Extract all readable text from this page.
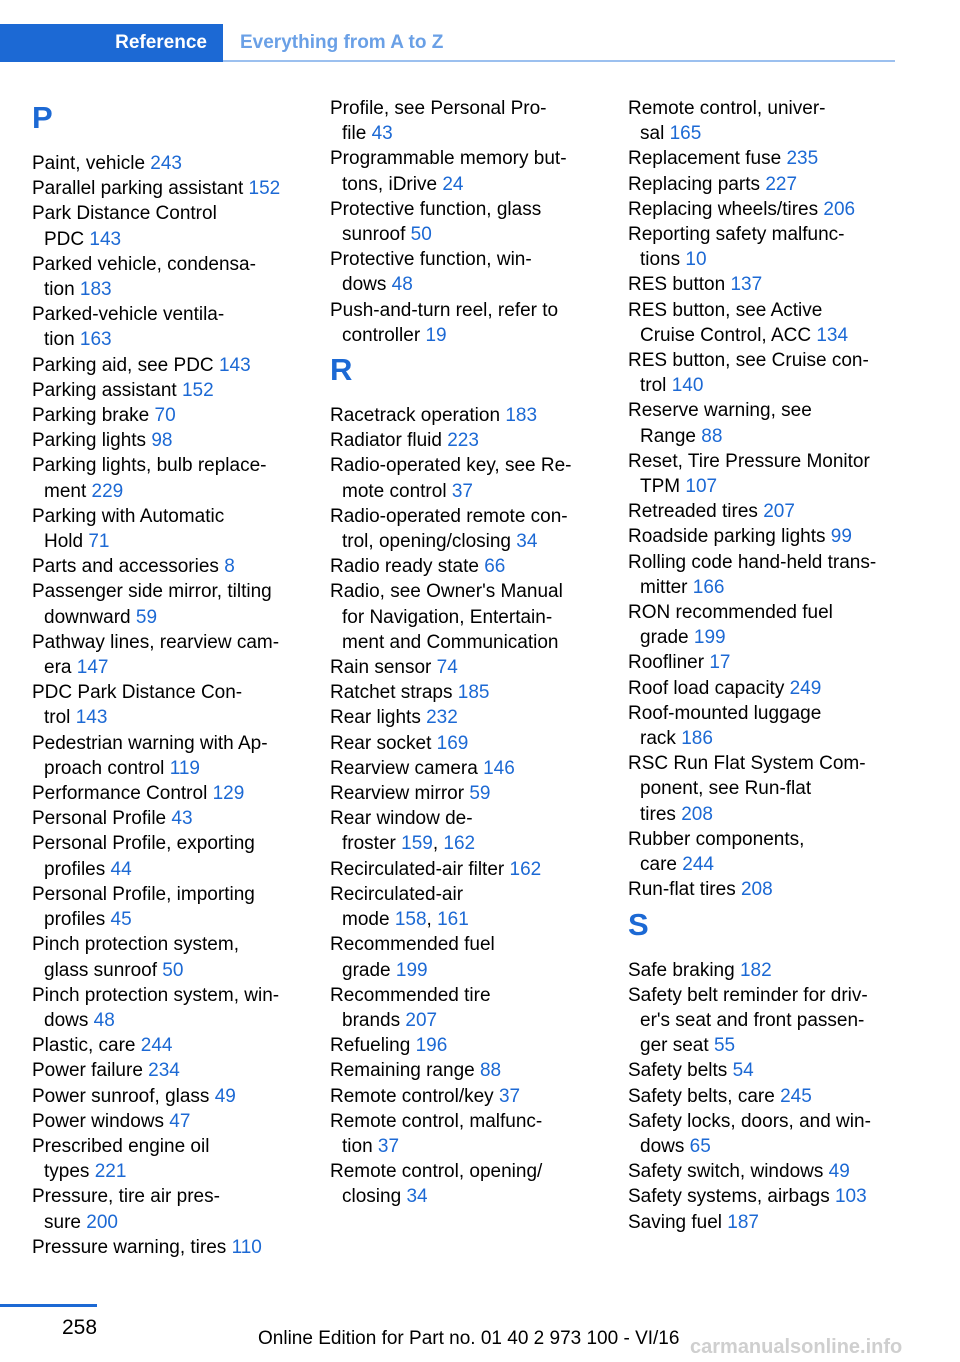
Reference	Everything from A to Z
P
Paint, vehicle 243
Parallel parking assistant 152
Park Distance Control
PDC 143
Parked vehicle, condensa-
tion 183
Parked-vehicle ventila-
tion 163
Parking aid, see PDC 143
Parking assistant 152
Parking brake 70
Parking lights 98
Parking lights, bulb replace-
ment 229
Parking with Automatic
Hold 71
Parts and accessories 8
Passenger side mirror, tilting
downward 59
Pathway lines, rearview cam-
era 147
PDC Park Distance Con-
trol 143
Pedestrian warning with Ap-
proach control 119
Performance Control 129
Personal Profile 43
Personal Profile, exporting
profiles 44
Personal Profile, importing
profiles 45
Pinch protection system,
glass sunroof 50
Pinch protection system, win-
dows 48
Plastic, care 244
Power failure 234
Power sunroof, glass 49
Power windows 47
Prescribed engine oil
types 221
Pressure, tire air pres-
sure 200
Pressure warning, tires 110
Profile, see Personal Pro-
file 43
Programmable memory but-
tons, iDrive 24
Protective function, glass
sunroof 50
Protective function, win-
dows 48
Push-and-turn reel, refer to
controller 19
R
Racetrack operation 183
Radiator fluid 223
Radio-operated key, see Re-
mote control 37
Radio-operated remote con-
trol, opening/closing 34
Radio ready state 66
Radio, see Owner's Manual
for Navigation, Entertain-
ment and Communication
Rain sensor 74
Ratchet straps 185
Rear lights 232
Rear socket 169
Rearview camera 146
Rearview mirror 59
Rear window de-
froster 159, 162
Recirculated-air filter 162
Recirculated-air
mode 158, 161
Recommended fuel
grade 199
Recommended tire
brands 207
Refueling 196
Remaining range 88
Remote control/key 37
Remote control, malfunc-
tion 37
Remote control, opening/
closing 34
Remote control, univer-
sal 165
Replacement fuse 235
Replacing parts 227
Replacing wheels/tires 206
Reporting safety malfunc-
tions 10
RES button 137
RES button, see Active
Cruise Control, ACC 134
RES button, see Cruise con-
trol 140
Reserve warning, see
Range 88
Reset, Tire Pressure Monitor
TPM 107
Retreaded tires 207
Roadside parking lights 99
Rolling code hand-held trans-
mitter 166
RON recommended fuel
grade 199
Roofliner 17
Roof load capacity 249
Roof-mounted luggage
rack 186
RSC Run Flat System Com-
ponent, see Run-flat
tires 208
Rubber components,
care 244
Run-flat tires 208
S
Safe braking 182
Safety belt reminder for driv-
er's seat and front passen-
ger seat 55
Safety belts 54
Safety belts, care 245
Safety locks, doors, and win-
dows 65
Safety switch, windows 49
Safety systems, airbags 103
Saving fuel 187
258	Online Edition for Part no. 01 40 2 973 100 - VI/16 carmanualsonline.info
